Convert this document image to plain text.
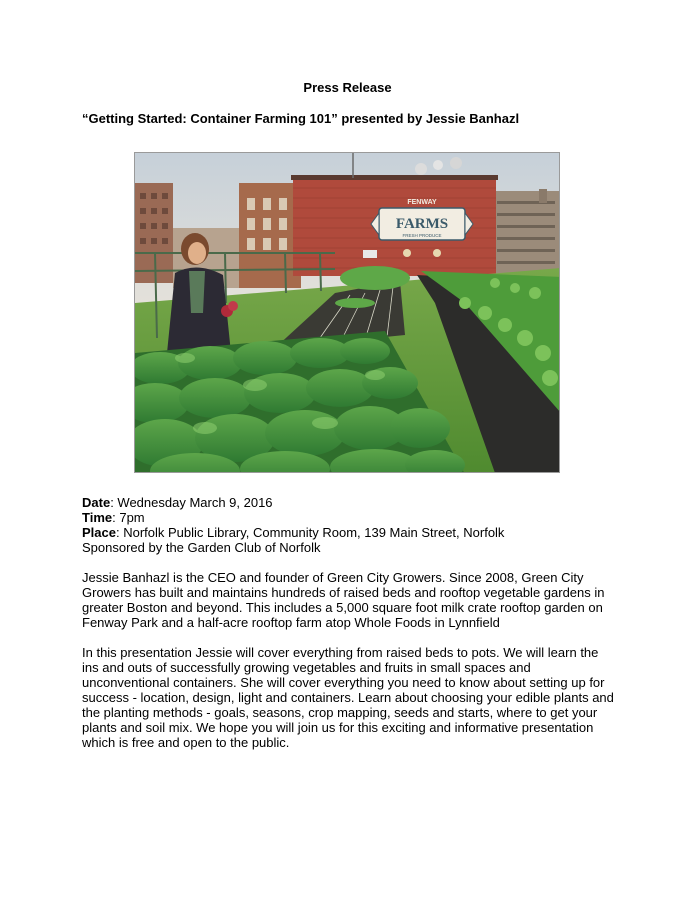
Press Release
“Getting Started: Container Farming 101” presented by Jessie Banhazl
FENWAY
FARMS
FRESH PRODUCE
Date: Wednesday March 9, 2016
Time: 7pm
Place: Norfolk Public Library, Community Room, 139 Main Street, Norfolk
Sponsored by the Garden Club of Norfolk
Jessie Banhazl is the CEO and founder of Green City Growers. Since 2008, Green City Growers has built and maintains hundreds of raised beds and rooftop vegetable gardens in greater Boston and beyond. This includes a 5,000 square foot milk crate rooftop garden on Fenway Park and a half-acre rooftop farm atop Whole Foods in Lynnfield
In this presentation Jessie will cover everything from raised beds to pots. We will learn the ins and outs of successfully growing vegetables and fruits in small spaces and unconventional containers. She will cover everything you need to know about setting up for success - location, design, light and containers. Learn about choosing your edible plants and the planting methods - goals, seasons, crop mapping, seeds and starts, where to get your plants and soil mix. We hope you will join us for this exciting and informative presentation which is free and open to the public.
